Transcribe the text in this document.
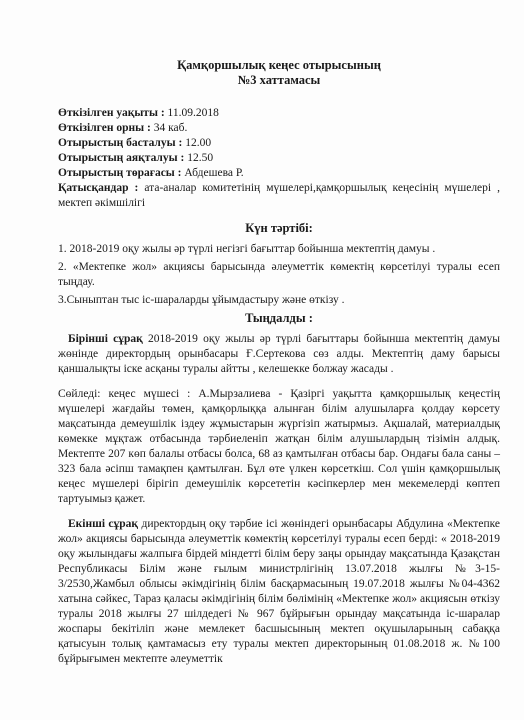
Қамқоршылық кеңес отырысының
№3 хаттамасы
Өткізілген уақыты : 11.09.2018
Өткізілген орны : 34 каб.
Отырыстың басталуы : 12.00
Отырыстың аяқталуы : 12.50
Отырыстың төрағасы : Абдешева Р.
Қатысқандар : ата-аналар комитетінің мүшелері,қамқоршылық кеңесінің мүшелері , мектеп әкімшілігі
Күн тәртібі:
1. 2018-2019 оқу жылы әр түрлі негізгі бағыттар бойынша мектептің дамуы .
2. «Мектепке жол» акциясы барысында әлеуметтік көмектің көрсетілуі туралы есеп тыңдау.
3.Сыныптан тыс іс-шараларды ұйымдастыру және өткізу .
Тыңдалды :
Бірінші сұрақ 2018-2019 оқу жылы әр түрлі бағыттары бойынша мектептің дамуы жөнінде директордың орынбасары Ғ.Сертекова сөз алды. Мектептің даму барысы қаншалықты іске асқаны туралы айтты , келешекке болжау жасады .
Сөйледі: кеңес мүшесі : А.Мырзалиева - Қазіргі уақытта қамқоршылық кеңестің мүшелері жағдайы төмен, қамқорлыққа алынған білім алушыларға қолдау көрсету мақсатында демеушілік іздеу жұмыстарын жүргізіп жатырмыз. Ақшалай, материалдық көмекке мұқтаж отбасында тәрбиеленіп жатқан білім алушылардың тізімін алдық. Мектепте 207 көп балалы отбасы болса, 68 аз қамтылған отбасы бар. Ондағы бала саны – 323 бала əсіпш тамақпен қамтылған. Бұл өте үлкен көрсеткіш. Сол үшін қамқоршылық кеңес мүшелері бірігіп демеушілік көрсететін кәсіпкерлер мен мекемелерді көптеп тартуымыз қажет.
Екінші сұрақ директордың оқу тәрбие ісі жөніндегі орынбасары Абдулина «Мектепке жол» акциясы барысында әлеуметтік көмектің көрсетілуі туралы есеп берді: « 2018-2019 оқу жылындағы жалпыға бірдей міндетті білім беру заңы орындау мақсатында Қазақстан Республикасы Білім және ғылым министрлігінің 13.07.2018 жылғы №3-15-3/2530,Жамбыл облысы әкімдігінің білім басқармасының 19.07.2018 жылғы №04-4362 хатына сәйкес, Тараз қаласы әкімдігінің білім бөлімінің «Мектепке жол» акциясын өткізу туралы 2018 жылғы 27 шілдедегі № 967 бұйрығын орындау мақсатында іс-шаралар жоспары бекітіліп және мемлекет басшысының мектеп оқушыларының сабаққа қатысуын толық қамтамасыз ету туралы мектеп директорының 01.08.2018 ж. №100 бұйрығымен мектепте әлеуметтік
